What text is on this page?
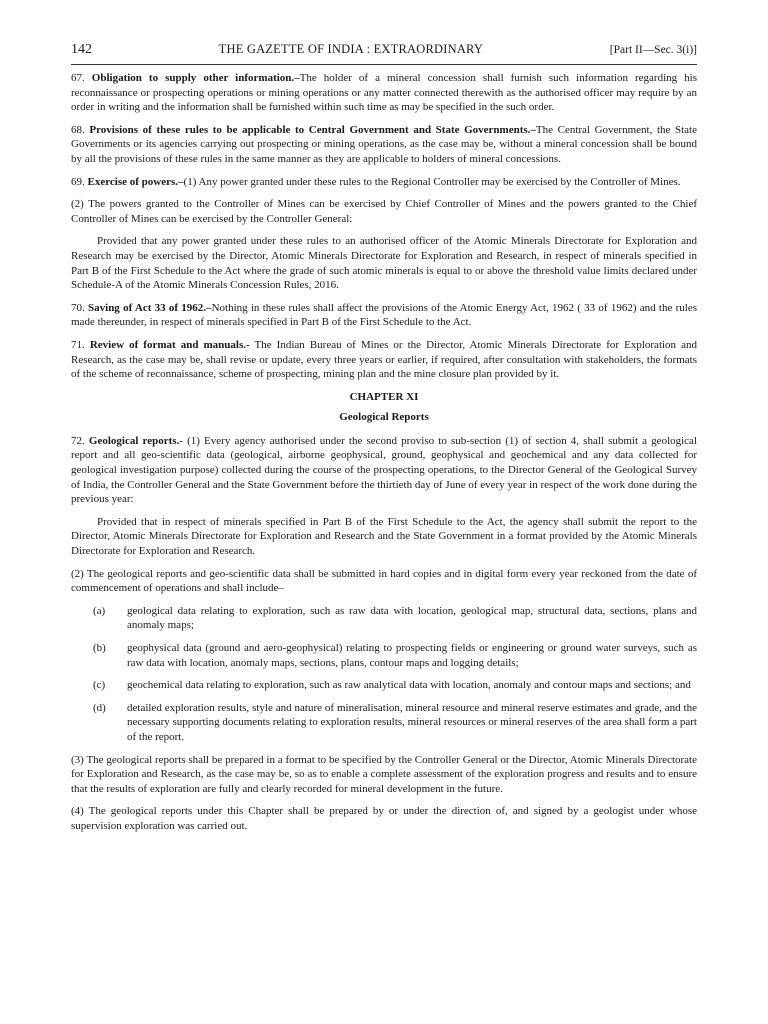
142	THE GAZETTE OF INDIA : EXTRAORDINARY	[Part II—Sec. 3(i)]

67. Obligation to supply other information.–The holder of a mineral concession shall furnish such information regarding his reconnaissance or prospecting operations or mining operations or any matter connected therewith as the authorised officer may require by an order in writing and the information shall be furnished within such time as may be specified in the such order.

68. Provisions of these rules to be applicable to Central Government and State Governments.–The Central Government, the State Governments or its agencies carrying out prospecting or mining operations, as the case may be, without a mineral concession shall be bound by all the provisions of these rules in the same manner as they are applicable to holders of mineral concessions.

69. Exercise of powers.–(1) Any power granted under these rules to the Regional Controller may be exercised by the Controller of Mines.

(2) The powers granted to the Controller of Mines can be exercised by Chief Controller of Mines and the powers granted to the Chief Controller of Mines can be exercised by the Controller General:

Provided that any power granted under these rules to an authorised officer of the Atomic Minerals Directorate for Exploration and Research may be exercised by the Director, Atomic Minerals Directorate for Exploration and Research, in respect of minerals specified in Part B of the First Schedule to the Act where the grade of such atomic minerals is equal to or above the threshold value limits declared under Schedule-A of the Atomic Minerals Concession Rules, 2016.

70. Saving of Act 33 of 1962.–Nothing in these rules shall affect the provisions of the Atomic Energy Act, 1962 ( 33 of 1962) and the rules made thereunder, in respect of minerals specified in Part B of the First Schedule to the Act.

71. Review of format and manuals.- The Indian Bureau of Mines or the Director, Atomic Minerals Directorate for Exploration and Research, as the case may be, shall revise or update, every three years or earlier, if required, after consultation with stakeholders, the formats of the scheme of reconnaissance, scheme of prospecting, mining plan and the mine closure plan provided by it.

CHAPTER XI
Geological Reports

72. Geological reports.- (1) Every agency authorised under the second proviso to sub-section (1) of section 4, shall submit a geological report and all geo-scientific data (geological, airborne geophysical, ground, geophysical and geochemical and any data collected for geological investigation purpose) collected during the course of the prospecting operations, to the Director General of the Geological Survey of India, the Controller General and the State Government before the thirtieth day of June of every year in respect of the work done during the previous year:

Provided that in respect of minerals specified in Part B of the First Schedule to the Act, the agency shall submit the report to the Director, Atomic Minerals Directorate for Exploration and Research and the State Government in a format provided by the Atomic Minerals Directorate for Exploration and Research.

(2) The geological reports and geo-scientific data shall be submitted in hard copies and in digital form every year reckoned from the date of commencement of operations and shall include–

(a)	geological data relating to exploration, such as raw data with location, geological map, structural data, sections, plans and anomaly maps;
(b)	geophysical data (ground and aero-geophysical) relating to prospecting fields or engineering or ground water surveys, such as raw data with location, anomaly maps, sections, plans, contour maps and logging details;
(c)	geochemical data relating to exploration, such as raw analytical data with location, anomaly and contour maps and sections; and
(d)	detailed exploration results, style and nature of mineralisation, mineral resource and mineral reserve estimates and grade, and the necessary supporting documents relating to exploration results, mineral resources or mineral reserves of the area shall form a part of the report.

(3) The geological reports shall be prepared in a format to be specified by the Controller General or the Director, Atomic Minerals Directorate for Exploration and Research, as the case may be, so as to enable a complete assessment of the exploration progress and results and to ensure that the results of exploration are fully and clearly recorded for mineral development in the future.

(4) The geological reports under this Chapter shall be prepared by or under the direction of, and signed by a geologist under whose supervision exploration was carried out.
